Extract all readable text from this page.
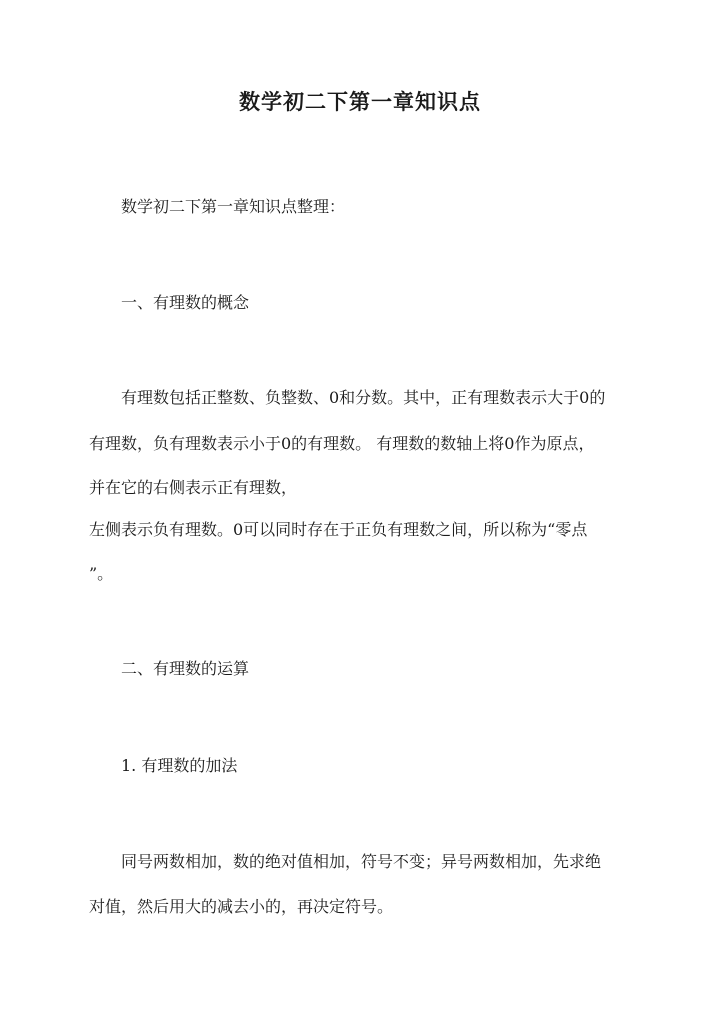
数学初二下第一章知识点
数学初二下第一章知识点整理：
一、有理数的概念
有理数包括正整数、负整数、0和分数。其中，正有理数表示大于0的
有理数，负有理数表示小于0的有理数。 有理数的数轴上将0作为原点，
并在它的右侧表示正有理数，
左侧表示负有理数。0可以同时存在于正负有理数之间，所以称为“零点
”。
二、有理数的运算
1. 有理数的加法
同号两数相加，数的绝对值相加，符号不变；异号两数相加，先求绝
对值，然后用大的减去小的，再决定符号。
